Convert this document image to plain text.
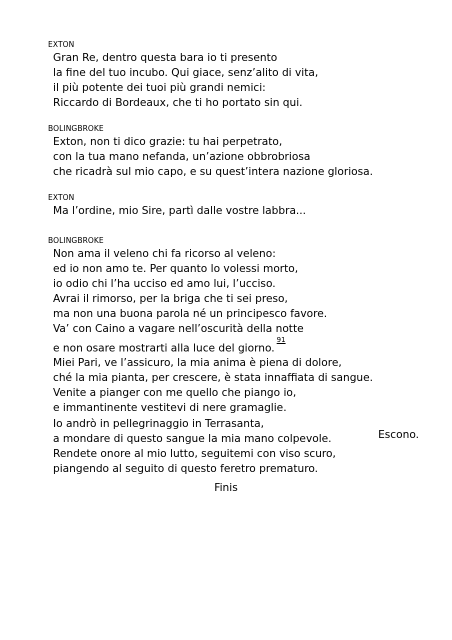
EXTON
Gran Re, dentro questa bara io ti presento
la fine del tuo incubo. Qui giace, senz’alito di vita,
il più potente dei tuoi più grandi nemici:
Riccardo di Bordeaux, che ti ho portato sin qui.
BOLINGBROKE
Exton, non ti dico grazie: tu hai perpetrato,
con la tua mano nefanda, un’azione obbrobriosa
che ricadrà sul mio capo, e su quest’intera nazione gloriosa.
EXTON
Ma l’ordine, mio Sire, partì dalle vostre labbra...
BOLINGBROKE
Non ama il veleno chi fa ricorso al veleno:
ed io non amo te. Per quanto lo volessi morto,
io odio chi l’ha ucciso ed amo lui, l’ucciso.
Avrai il rimorso, per la briga che ti sei preso,
ma non una buona parola né un principesco favore.
Va’ con Caino a vagare nell’oscurità della notte
e non osare mostrarti alla luce del giorno.$^{91}$
Miei Pari, ve l’assicuro, la mia anima è piena di dolore,
ché la mia pianta, per crescere, è stata innaffiata di sangue.
Venite a pianger con me quello che piango io,
e immantinente vestitevi di nere gramaglie.
Io andrò in pellegrinaggio in Terrasanta,
a mondare di questo sangue la mia mano colpevole.
Rendete onore al mio lutto, seguitemi con viso scuro,
piangendo al seguito di questo feretro prematuro.
Escono.
Finis
